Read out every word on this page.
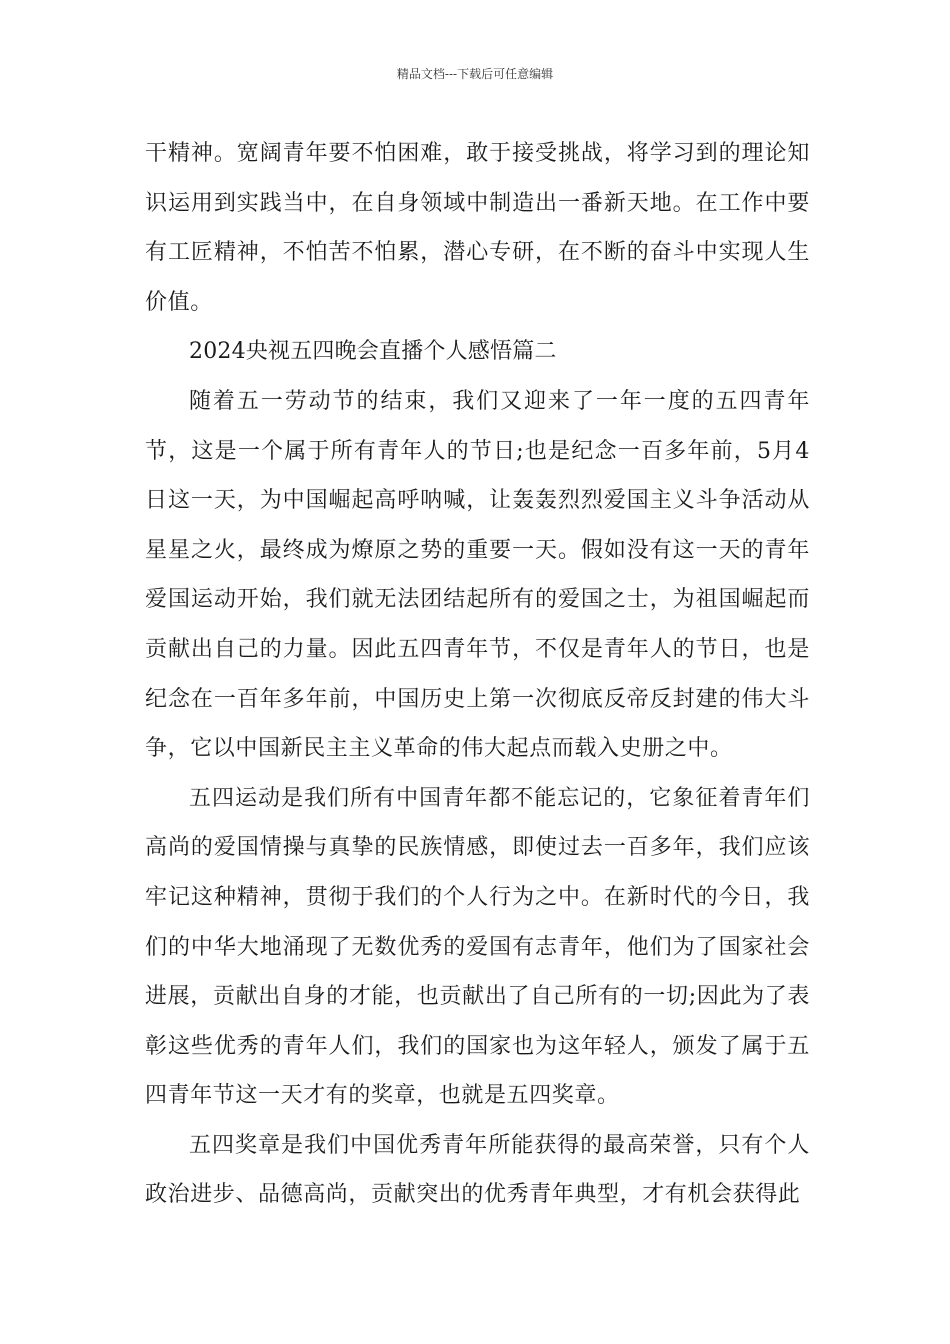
精品文档---下载后可任意编辑

干精神。宽阔青年要不怕困难，敢于接受挑战，将学习到的理论知识运用到实践当中，在自身领域中制造出一番新天地。在工作中要有工匠精神，不怕苦不怕累，潜心专研，在不断的奋斗中实现人生价值。

2024央视五四晚会直播个人感悟篇二

随着五一劳动节的结束，我们又迎来了一年一度的五四青年节，这是一个属于所有青年人的节日;也是纪念一百多年前，5月4日这一天，为中国崛起高呼呐喊，让轰轰烈烈爱国主义斗争活动从星星之火，最终成为燎原之势的重要一天。假如没有这一天的青年爱国运动开始，我们就无法团结起所有的爱国之士，为祖国崛起而贡献出自己的力量。因此五四青年节，不仅是青年人的节日，也是纪念在一百年多年前，中国历史上第一次彻底反帝反封建的伟大斗争，它以中国新民主主义革命的伟大起点而载入史册之中。

五四运动是我们所有中国青年都不能忘记的，它象征着青年们高尚的爱国情操与真挚的民族情感，即使过去一百多年，我们应该牢记这种精神，贯彻于我们的个人行为之中。在新时代的今日，我们的中华大地涌现了无数优秀的爱国有志青年，他们为了国家社会进展，贡献出自身的才能，也贡献出了自己所有的一切;因此为了表彰这些优秀的青年人们，我们的国家也为这年轻人，颁发了属于五四青年节这一天才有的奖章，也就是五四奖章。

五四奖章是我们中国优秀青年所能获得的最高荣誉，只有个人政治进步、品德高尚，贡献突出的优秀青年典型，才有机会获得此
